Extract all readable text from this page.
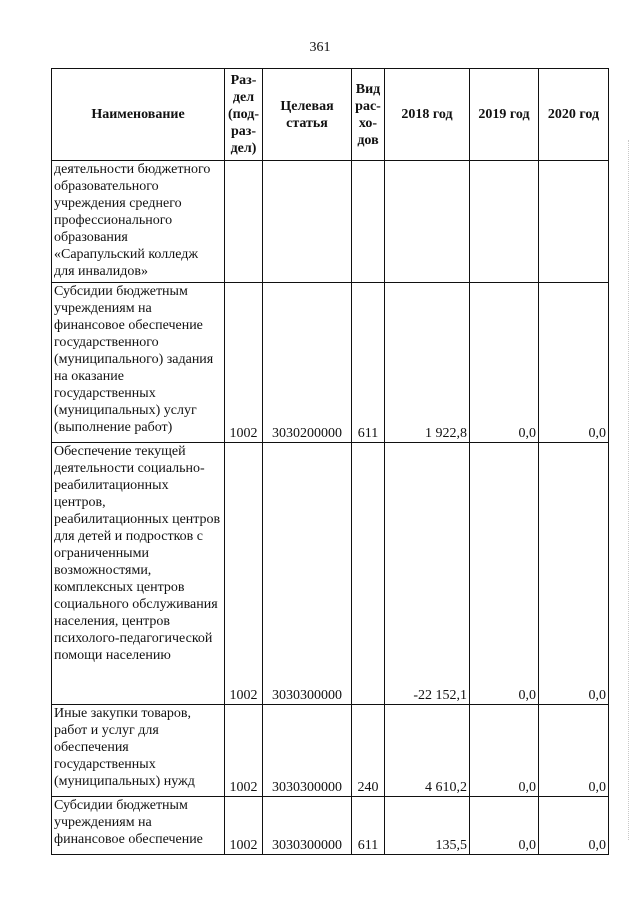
361
Наименование	Раз- дел (под- раз- дел)	Целевая статья	Вид рас- хо- дов	2018 год	2019 год	2020 год
деятельности бюджетного образовательного учреждения среднего профессионального образования «Сарапульский колледж для инвалидов»						
Субсидии бюджетным учреждениям на финансовое обеспечение государственного (муниципального) задания на оказание государственных (муниципальных) услуг (выполнение работ)	1002	3030200000	611	1 922,8	0,0	0,0
Обеспечение текущей деятельности социально-реабилитационных центров, реабилитационных центров для детей и подростков с ограниченными возможностями, комплексных центров социального обслуживания населения, центров психолого-педагогической помощи населению	1002	3030300000		-22 152,1	0,0	0,0
Иные закупки товаров, работ и услуг для обеспечения государственных (муниципальных) нужд	1002	3030300000	240	4 610,2	0,0	0,0
Субсидии бюджетным учреждениям на финансовое обеспечение	1002	3030300000	611	135,5	0,0	0,0
